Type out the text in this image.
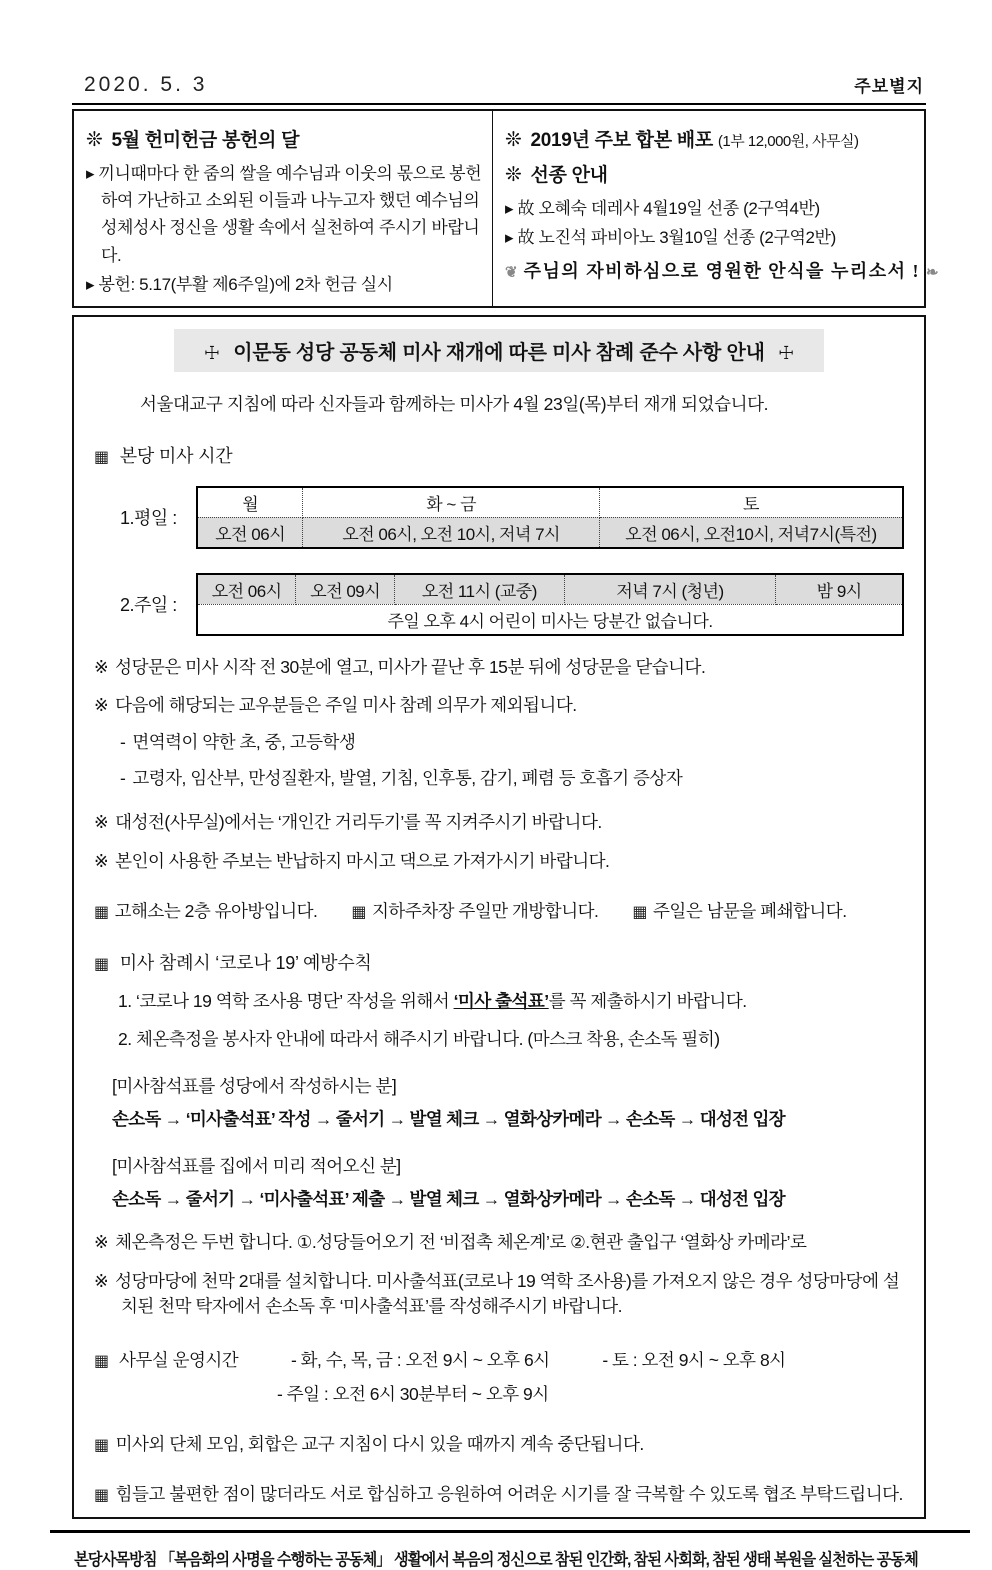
2020. 5. 3	주보별지
❊ 5월 헌미헌금 봉헌의 달
▸ 끼니때마다 한 줌의 쌀을 예수님과 이웃의 몫으로 봉헌하여 가난하고 소외된 이들과 나누고자 했던 예수님의 성체성사 정신을 생활 속에서 실천하여 주시기 바랍니다.
▸ 봉헌: 5.17(부활 제6주일)에 2차 헌금 실시
❊ 2019년 주보 합본 배포 (1부 12,000원, 사무실)
❊ 선종 안내
▸ 故 오혜숙 데레사 4월19일 선종 (2구역4반)
▸ 故 노진석 파비아노 3월10일 선종 (2구역2반)
❦ 주님의 자비하심으로 영원한 안식을 누리소서 ! ❧
☩ 이문동 성당 공동체 미사 재개에 따른 미사 참례 준수 사항 안내 ☩

서울대교구 지침에 따라 신자들과 함께하는 미사가 4월 23일(목)부터 재개 되었습니다.

▦ 본당 미사 시간
1.평일 :
월	화 ~ 금	토
오전 06시	오전 06시, 오전 10시, 저녁 7시	오전 06시, 오전10시, 저녁7시(특전)
2.주일 :
오전 06시	오전 09시	오전 11시 (교중)	저녁 7시 (청년)	밤 9시
주일 오후 4시 어린이 미사는 당분간 없습니다.
※ 성당문은 미사 시작 전 30분에 열고, 미사가 끝난 후 15분 뒤에 성당문을 닫습니다.
※ 다음에 해당되는 교우분들은 주일 미사 참례 의무가 제외됩니다.
- 면역력이 약한 초, 중, 고등학생
- 고령자, 임산부, 만성질환자, 발열, 기침, 인후통, 감기, 폐렴 등 호흡기 증상자
※ 대성전(사무실)에서는 ‘개인간 거리두기’를 꼭 지켜주시기 바랍니다.
※ 본인이 사용한 주보는 반납하지 마시고 댁으로 가져가시기 바랍니다.
▦ 고해소는 2층 유아방입니다. ▦ 지하주차장 주일만 개방합니다. ▦ 주일은 남문을 폐쇄합니다.
▦ 미사 참례시 ‘코로나 19’ 예방수칙
1. ‘코로나 19 역학 조사용 명단’ 작성을 위해서 ‘미사 출석표’를 꼭 제출하시기 바랍니다.
2. 체온측정을 봉사자 안내에 따라서 해주시기 바랍니다. (마스크 착용, 손소독 필히)
[미사참석표를 성당에서 작성하시는 분]
손소독 → ‘미사출석표’ 작성 → 줄서기 → 발열 체크 → 열화상카메라 → 손소독 → 대성전 입장
[미사참석표를 집에서 미리 적어오신 분]
손소독 → 줄서기 → ‘미사출석표’ 제출 → 발열 체크 → 열화상카메라 → 손소독 → 대성전 입장
※ 체온측정은 두번 합니다. ①.성당들어오기 전 ‘비접촉 체온계’로 ②.현관 출입구 ‘열화상 카메라’로
※ 성당마당에 천막 2대를 설치합니다. 미사출석표(코로나 19 역학 조사용)를 가져오지 않은 경우 성당마당에 설치된 천막 탁자에서 손소독 후 ‘미사출석표’를 작성해주시기 바랍니다.
▦ 사무실 운영시간	- 화, 수, 목, 금 : 오전 9시 ~ 오후 6시	- 토 : 오전 9시 ~ 오후 8시
- 주일 : 오전 6시 30분부터 ~ 오후 9시
▦ 미사외 단체 모임, 회합은 교구 지침이 다시 있을 때까지 계속 중단됩니다.
▦ 힘들고 불편한 점이 많더라도 서로 합심하고 응원하여 어려운 시기를 잘 극복할 수 있도록 협조 부탁드립니다.
본당사목방침 「복음화의 사명을 수행하는 공동체」 생활에서 복음의 정신으로 참된 인간화, 참된 사회화, 참된 생태 복원을 실천하는 공동체
